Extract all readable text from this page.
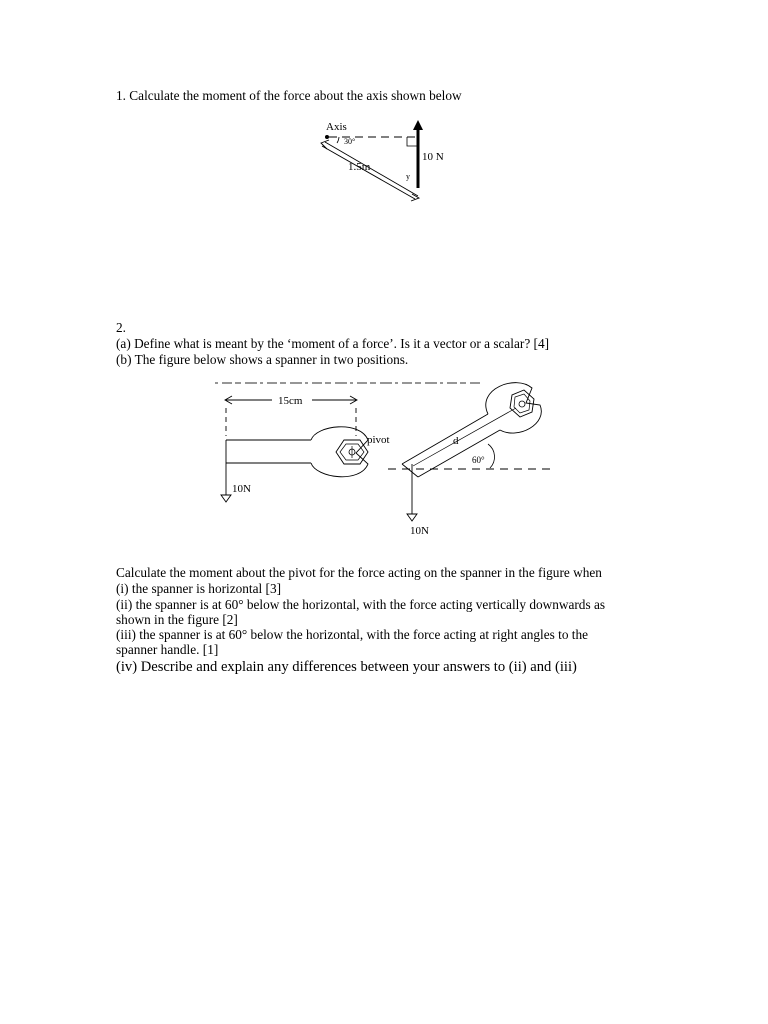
1. Calculate the moment of the force about the axis shown below
Axis
30°
1.5m
10 N
y
2.
(a) Define what is meant by the ‘moment of a force’. Is it a vector or a scalar? [4]
(b) The figure below shows a spanner in two positions.
15cm
10N
pivot	d
60°
10N
Calculate the moment about the pivot for the force acting on the spanner in the figure when
(i) the spanner is horizontal [3]
(ii) the spanner is at 60° below the horizontal, with the force acting vertically downwards as
shown in the figure [2]
(iii) the spanner is at 60° below the horizontal, with the force acting at right angles to the
spanner handle. [1]
(iv) Describe and explain any differences between your answers to (ii) and (iii)
